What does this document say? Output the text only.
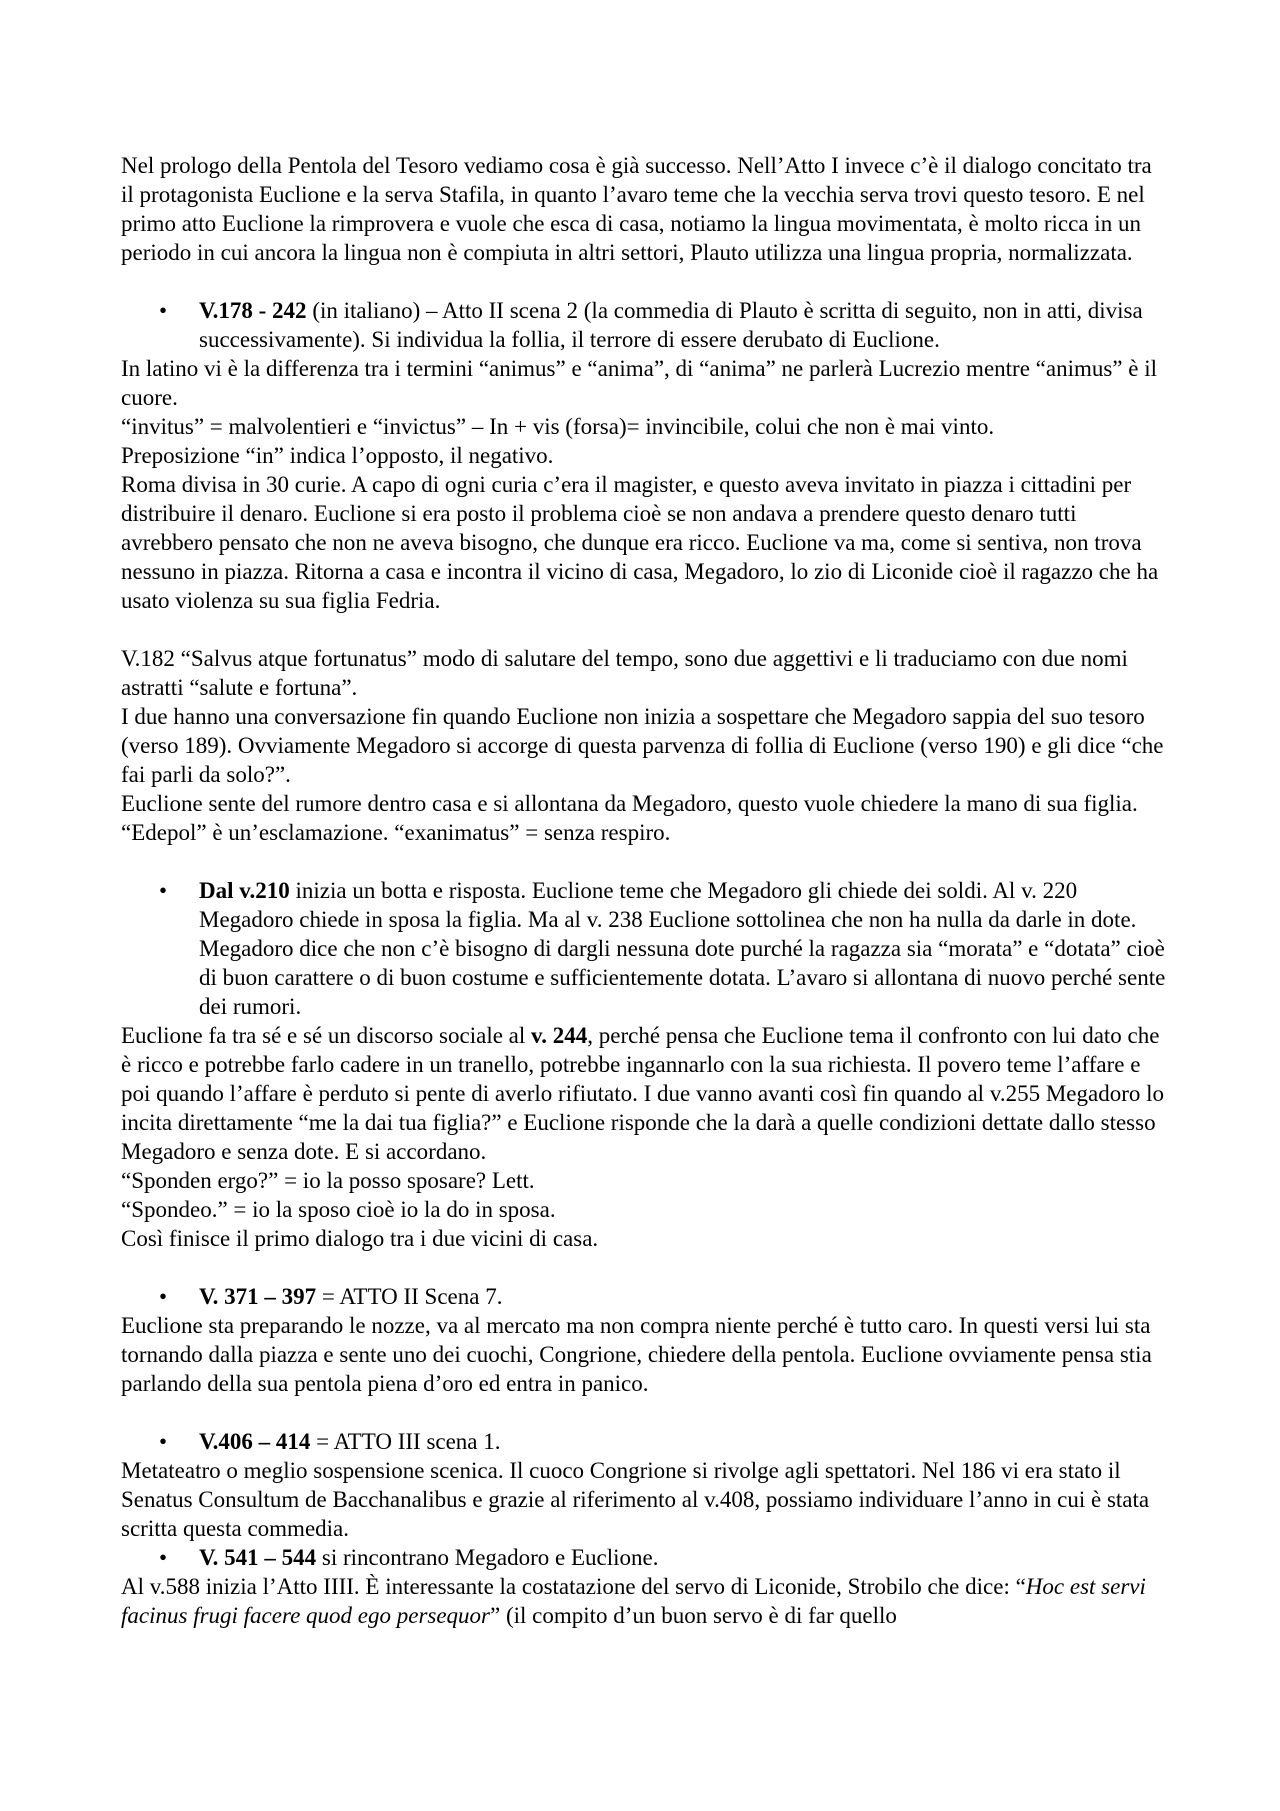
Nel prologo della Pentola del Tesoro vediamo cosa è già successo. Nell’Atto I invece c’è il dialogo concitato tra il protagonista Euclione e la serva Stafila, in quanto l’avaro teme che la vecchia serva trovi questo tesoro. E nel primo atto Euclione la rimprovera e vuole che esca di casa, notiamo la lingua movimentata, è molto ricca in un periodo in cui ancora la lingua non è compiuta in altri settori, Plauto utilizza una lingua propria, normalizzata.

•	V.178 - 242 (in italiano) – Atto II scena 2 (la commedia di Plauto è scritta di seguito, non in atti, divisa successivamente). Si individua la follia, il terrore di essere derubato di Euclione.

In latino vi è la differenza tra i termini “animus” e “anima”, di “anima” ne parlerà Lucrezio mentre “animus” è il cuore.

“invitus” = malvolentieri e “invictus” – In + vis (forsa)= invincibile, colui che non è mai vinto.

Preposizione “in” indica l’opposto, il negativo.

Roma divisa in 30 curie. A capo di ogni curia c’era il magister, e questo aveva invitato in piazza i cittadini per distribuire il denaro. Euclione si era posto il problema cioè se non andava a prendere questo denaro tutti avrebbero pensato che non ne aveva bisogno, che dunque era ricco. Euclione va ma, come si sentiva, non trova nessuno in piazza. Ritorna a casa e incontra il vicino di casa, Megadoro, lo zio di Liconide cioè il ragazzo che ha usato violenza su sua figlia Fedria.

V.182 “Salvus atque fortunatus” modo di salutare del tempo, sono due aggettivi e li traduciamo con due nomi astratti “salute e fortuna”.

I due hanno una conversazione fin quando Euclione non inizia a sospettare che Megadoro sappia del suo tesoro (verso 189). Ovviamente Megadoro si accorge di questa parvenza di follia di Euclione (verso 190) e gli dice “che fai parli da solo?”.

Euclione sente del rumore dentro casa e si allontana da Megadoro, questo vuole chiedere la mano di sua figlia.

“Edepol” è un’esclamazione. “exanimatus” = senza respiro.

•	Dal v.210 inizia un botta e risposta. Euclione teme che Megadoro gli chiede dei soldi. Al v. 220 Megadoro chiede in sposa la figlia. Ma al v. 238 Euclione sottolinea che non ha nulla da darle in dote. Megadoro dice che non c’è bisogno di dargli nessuna dote purché la ragazza sia “morata” e “dotata” cioè di buon carattere o di buon costume e sufficientemente dotata. L’avaro si allontana di nuovo perché sente dei rumori.

Euclione fa tra sé e sé un discorso sociale al v. 244, perché pensa che Euclione tema il confronto con lui dato che è ricco e potrebbe farlo cadere in un tranello, potrebbe ingannarlo con la sua richiesta. Il povero teme l’affare e poi quando l’affare è perduto si pente di averlo rifiutato. I due vanno avanti così fin quando al v.255 Megadoro lo incita direttamente “me la dai tua figlia?” e Euclione risponde che la darà a quelle condizioni dettate dallo stesso Megadoro e senza dote. E si accordano.

“Sponden ergo?” = io la posso sposare? Lett.

“Spondeo.” = io la sposo cioè io la do in sposa.

Così finisce il primo dialogo tra i due vicini di casa.

•	V. 371 – 397 = ATTO II Scena 7.

Euclione sta preparando le nozze, va al mercato ma non compra niente perché è tutto caro. In questi versi lui sta tornando dalla piazza e sente uno dei cuochi, Congrione, chiedere della pentola. Euclione ovviamente pensa stia parlando della sua pentola piena d’oro ed entra in panico.

•	V.406 – 414 = ATTO III scena 1.

Metateatro o meglio sospensione scenica. Il cuoco Congrione si rivolge agli spettatori. Nel 186 vi era stato il Senatus Consultum de Bacchanalibus e grazie al riferimento al v.408, possiamo individuare l’anno in cui è stata scritta questa commedia.

•	V. 541 – 544 si rincontrano Megadoro e Euclione.

Al v.588 inizia l’Atto IIII. È interessante la costatazione del servo di Liconide, Strobilo che dice: “Hoc est servi facinus frugi facere quod ego persequor” (il compito d’un buon servo è di far quello
